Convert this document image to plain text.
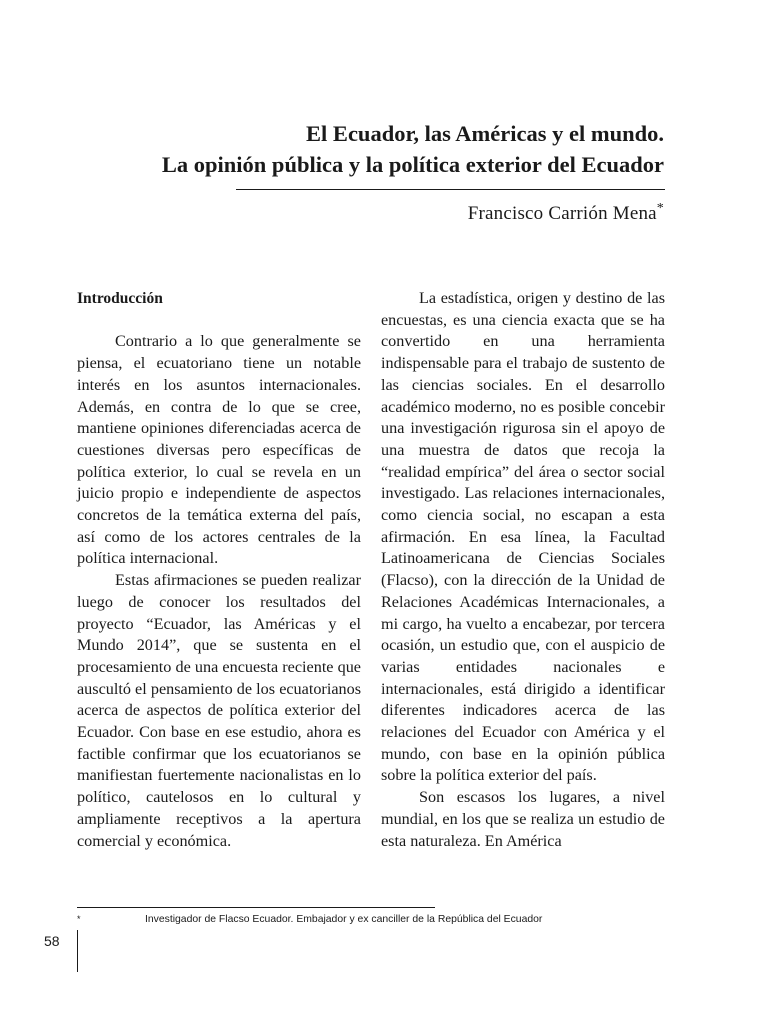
El Ecuador, las Américas y el mundo.
La opinión pública y la política exterior del Ecuador
Francisco Carrión Mena*
Introducción

Contrario a lo que generalmente se piensa, el ecuatoriano tiene un notable interés en los asuntos internacionales. Además, en contra de lo que se cree, mantiene opiniones diferenciadas acerca de cuestiones diversas pero específicas de política exterior, lo cual se revela en un juicio propio e independiente de aspectos concretos de la temática externa del país, así como de los actores centrales de la política internacional.

Estas afirmaciones se pueden realizar luego de conocer los resultados del proyecto “Ecuador, las Américas y el Mundo 2014”, que se sustenta en el procesamiento de una encuesta reciente que auscultó el pensamiento de los ecuatorianos acerca de aspectos de política exterior del Ecuador. Con base en ese estudio, ahora es factible confirmar que los ecuatorianos se manifiestan fuertemente nacionalistas en lo político, cautelosos en lo cultural y ampliamente receptivos a la apertura comercial y económica.

La estadística, origen y destino de las encuestas, es una ciencia exacta que se ha convertido en una herramienta indispensable para el trabajo de sustento de las ciencias sociales. En el desarrollo académico moderno, no es posible concebir una investigación rigurosa sin el apoyo de una muestra de datos que recoja la “realidad empírica” del área o sector social investigado. Las relaciones internacionales, como ciencia social, no escapan a esta afirmación. En esa línea, la Facultad Latinoamericana de Ciencias Sociales (Flacso), con la dirección de la Unidad de Relaciones Académicas Internacionales, a mi cargo, ha vuelto a encabezar, por tercera ocasión, un estudio que, con el auspicio de varias entidades nacionales e internacionales, está dirigido a identificar diferentes indicadores acerca de las relaciones del Ecuador con América y el mundo, con base en la opinión pública sobre la política exterior del país.

Son escasos los lugares, a nivel mundial, en los que se realiza un estudio de esta naturaleza. En América

*	Investigador de Flacso Ecuador. Embajador y ex canciller de la República del Ecuador
58
